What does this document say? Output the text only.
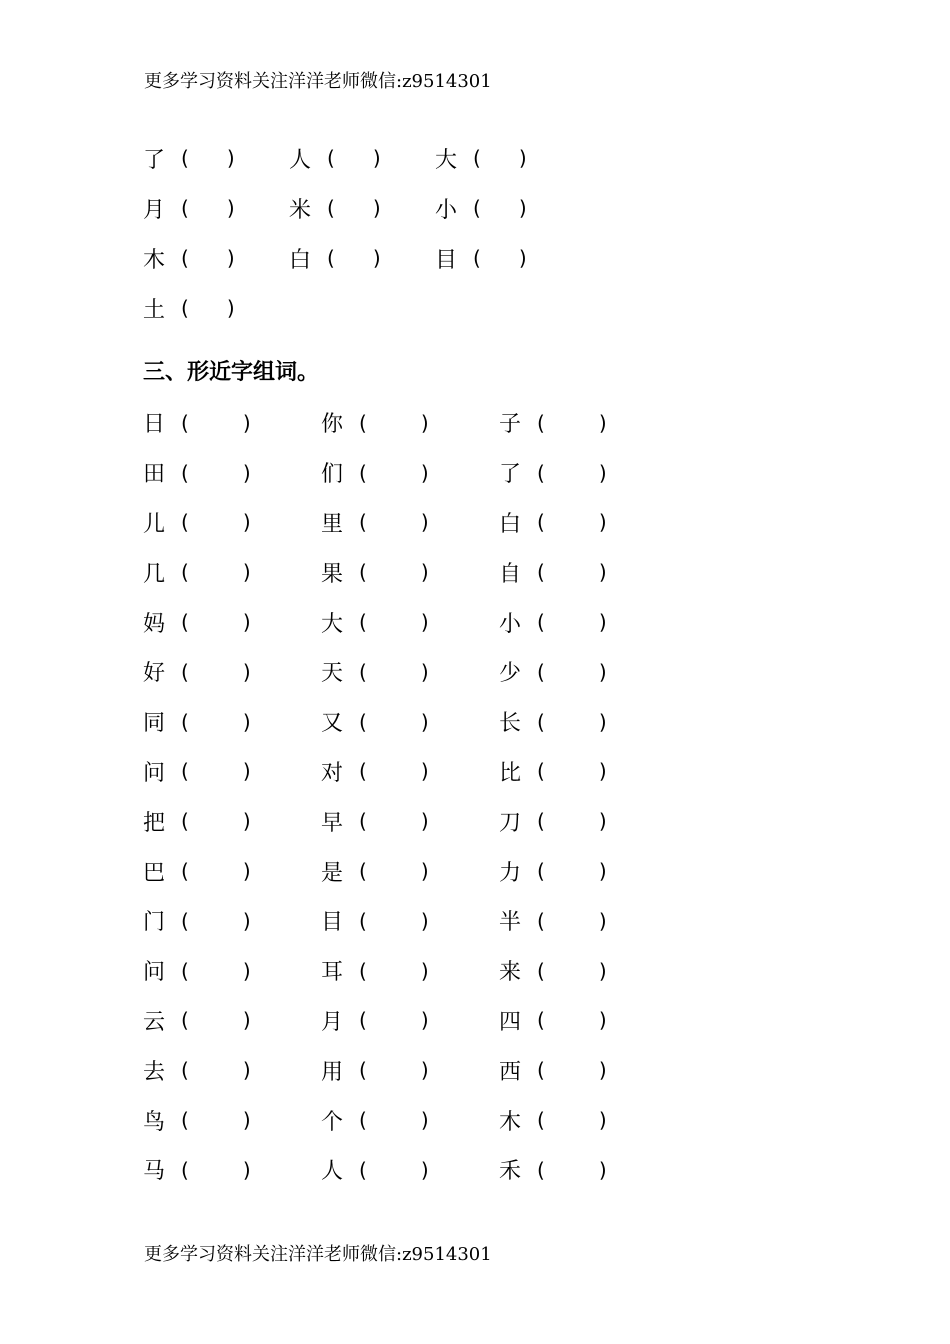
更多学习资料关注洋洋老师微信:z9514301
了 ( ) 人 ( ) 大 ( )
月 ( ) 米 ( ) 小 ( )
木 ( ) 白 ( ) 目 ( )
土 ( )
三、形近字组词。
日 (	)	你 (	)	子 (	)
田 (	)	们 (	)	了 (	)
儿 (	)	里 (	)	白 (	)
几 (	)	果 (	)	自 (	)
妈 (	)	大 (	)	小 (	)
好 (	)	天 (	)	少 (	)
同 (	)	又 (	)	长 (	)
问 (	)	对 (	)	比 (	)
把 (	)	早 (	)	刀 (	)
巴 (	)	是 (	)	力 (	)
门 (	)	目 (	)	半 (	)
问 (	)	耳 (	)	来 (	)
云 (	)	月 (	)	四 (	)
去 (	)	用 (	)	西 (	)
鸟 (	)	个 (	)	木 (	)
马 (	)	人 (	)	禾 (	)
更多学习资料关注洋洋老师微信:z9514301
